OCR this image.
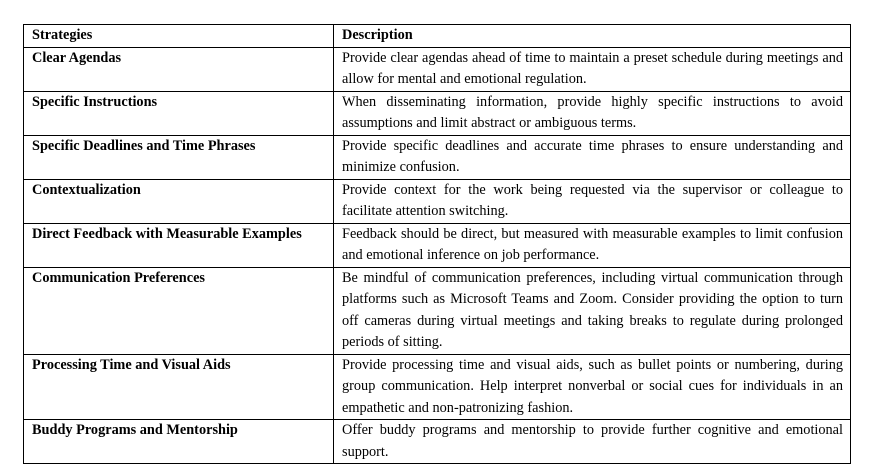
Strategies	Description
Clear Agendas	Provide clear agendas ahead of time to maintain a preset schedule during meetings and allow for mental and emotional regulation.
Specific Instructions	When disseminating information, provide highly specific instructions to avoid assumptions and limit abstract or ambiguous terms.
Specific Deadlines and Time Phrases	Provide specific deadlines and accurate time phrases to ensure understanding and minimize confusion.
Contextualization	Provide context for the work being requested via the supervisor or colleague to facilitate attention switching.
Direct Feedback with Measurable Examples	Feedback should be direct, but measured with measurable examples to limit confusion and emotional inference on job performance.
Communication Preferences	Be mindful of communication preferences, including virtual communication through platforms such as Microsoft Teams and Zoom. Consider providing the option to turn off cameras during virtual meetings and taking breaks to regulate during prolonged periods of sitting.
Processing Time and Visual Aids	Provide processing time and visual aids, such as bullet points or numbering, during group communication. Help interpret nonverbal or social cues for individuals in an empathetic and non-patronizing fashion.
Buddy Programs and Mentorship	Offer buddy programs and mentorship to provide further cognitive and emotional support.
